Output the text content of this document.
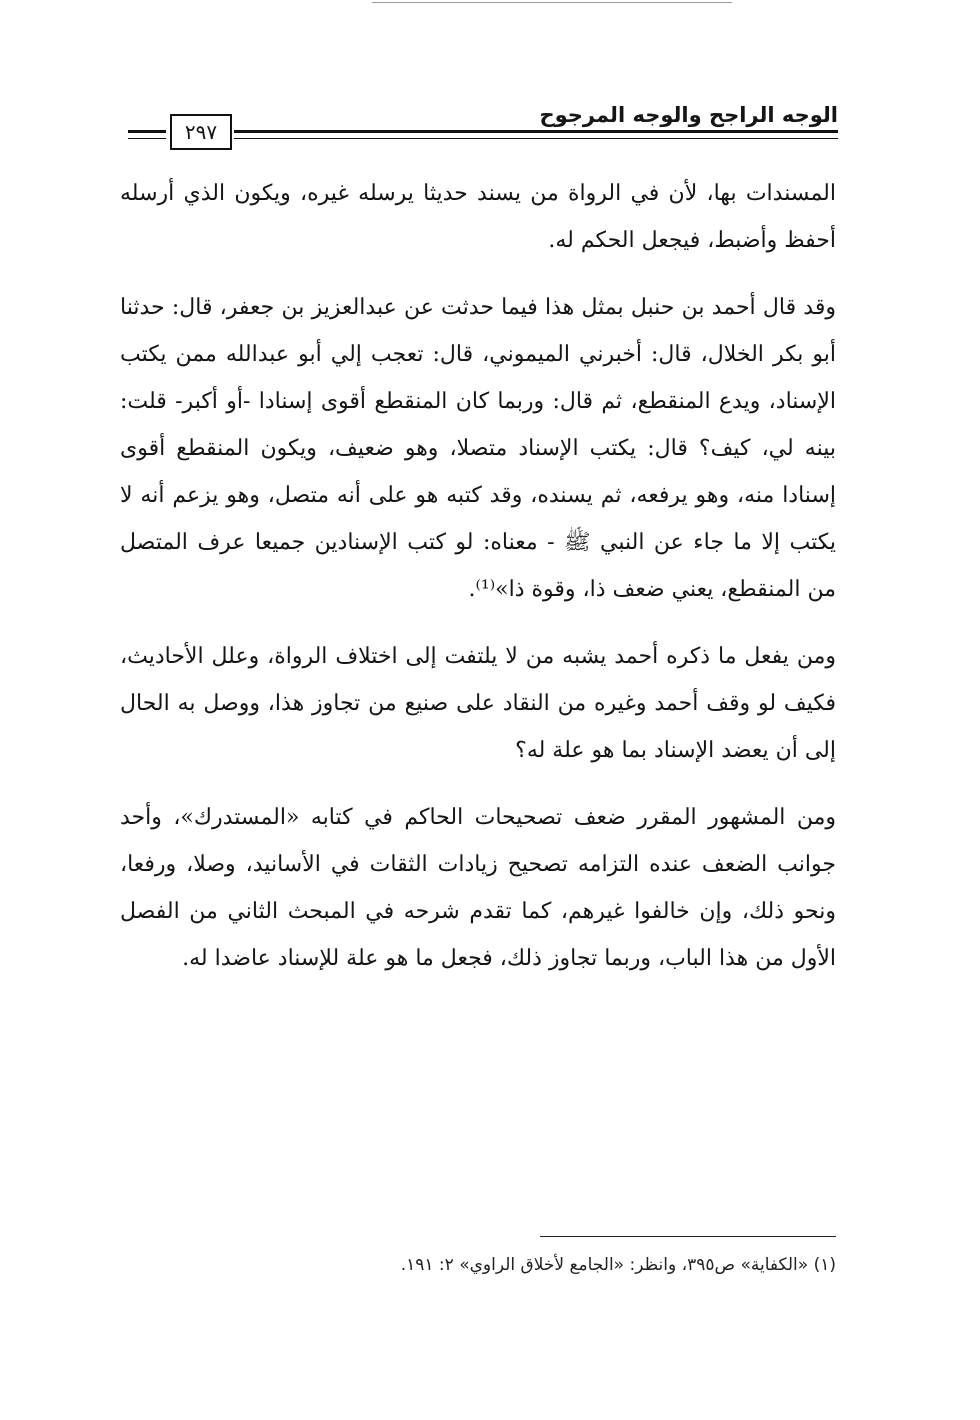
الوجه الراجح والوجه المرجوح
٢٩٧

المسندات بها، لأن في الرواة من يسند حديثا يرسله غيره، ويكون الذي أرسله أحفظ وأضبط، فيجعل الحكم له.

وقد قال أحمد بن حنبل بمثل هذا فيما حدثت عن عبدالعزيز بن جعفر، قال: حدثنا أبو بكر الخلال، قال: أخبرني الميموني، قال: تعجب إلي أبو عبدالله ممن يكتب الإسناد، ويدع المنقطع، ثم قال: وربما كان المنقطع أقوى إسنادا -أو أكبر- قلت: بينه لي، كيف؟ قال: يكتب الإسناد متصلا، وهو ضعيف، ويكون المنقطع أقوى إسنادا منه، وهو يرفعه، ثم يسنده، وقد كتبه هو على أنه متصل، وهو يزعم أنه لا يكتب إلا ما جاء عن النبي ﷺ - معناه: لو كتب الإسنادين جميعا عرف المتصل من المنقطع، يعني ضعف ذا، وقوة ذا»⁽¹⁾.

ومن يفعل ما ذكره أحمد يشبه من لا يلتفت إلى اختلاف الرواة، وعلل الأحاديث، فكيف لو وقف أحمد وغيره من النقاد على صنيع من تجاوز هذا، ووصل به الحال إلى أن يعضد الإسناد بما هو علة له؟

ومن المشهور المقرر ضعف تصحيحات الحاكم في كتابه «المستدرك»، وأحد جوانب الضعف عنده التزامه تصحيح زيادات الثقات في الأسانيد، وصلا، ورفعا، ونحو ذلك، وإن خالفوا غيرهم، كما تقدم شرحه في المبحث الثاني من الفصل الأول من هذا الباب، وربما تجاوز ذلك، فجعل ما هو علة للإسناد عاضدا له.

(١) «الكفاية» ص٣٩٥، وانظر: «الجامع لأخلاق الراوي» ٢: ١٩١.
